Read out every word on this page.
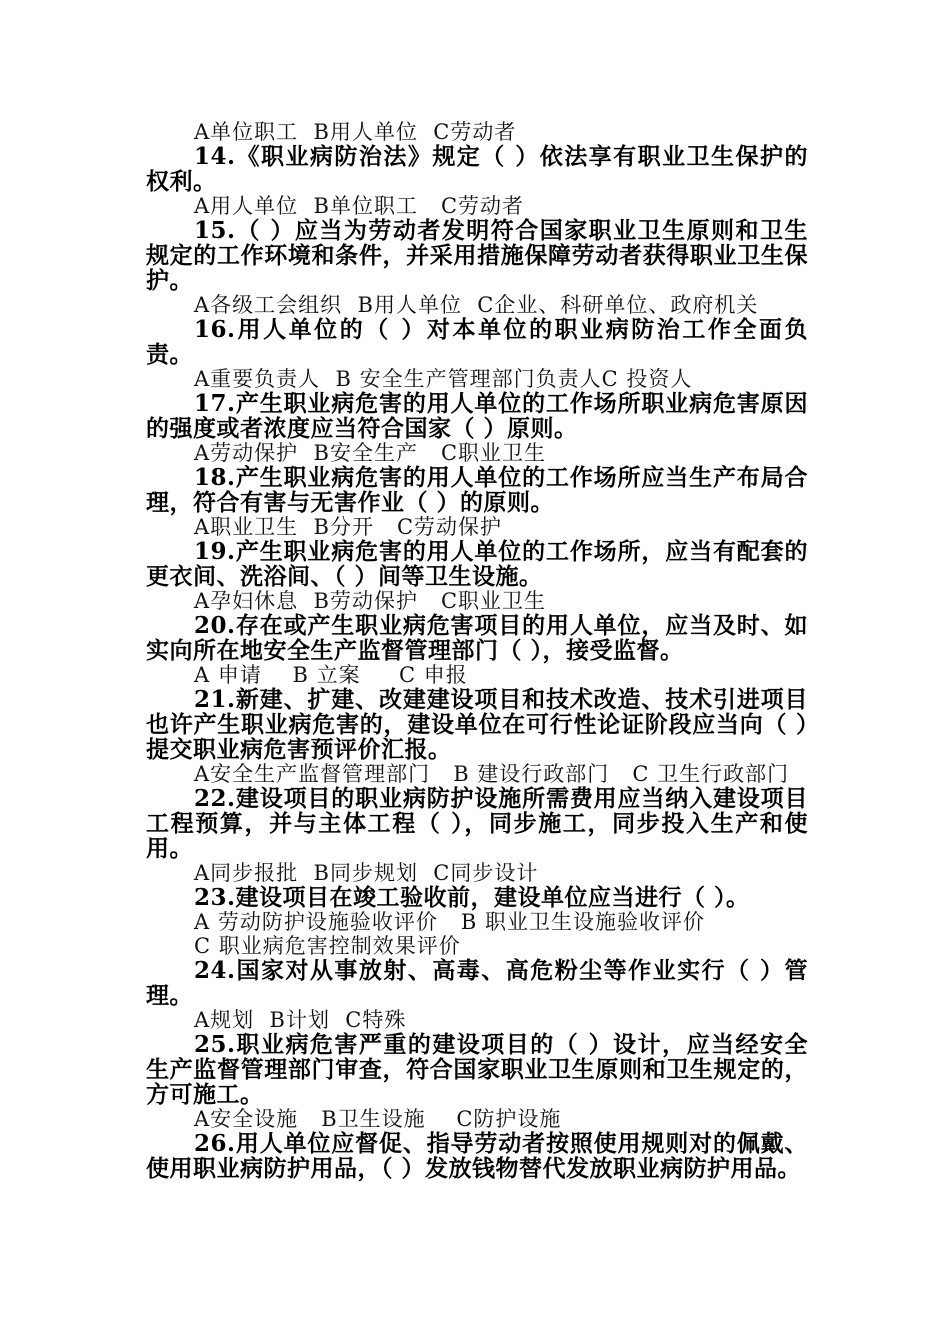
A单位职工  B用人单位  C劳动者

14.《职业病防治法》规定（ ）依法享有职业卫生保护的权利。

A用人单位  B单位职工   C劳动者

15.（ ）应当为劳动者发明符合国家职业卫生原则和卫生规定的工作环境和条件，并采用措施保障劳动者获得职业卫生保护。

A各级工会组织  B用人单位  C企业、科研单位、政府机关

16.用人单位的（ ）对本单位的职业病防治工作全面负责。

A重要负责人  B 安全生产管理部门负责人C 投资人

17.产生职业病危害的用人单位的工作场所职业病危害原因的强度或者浓度应当符合国家（ ）原则。

A劳动保护  B安全生产   C职业卫生

18.产生职业病危害的用人单位的工作场所应当生产布局合理，符合有害与无害作业（ ）的原则。

A职业卫生  B分开   C劳动保护

19.产生职业病危害的用人单位的工作场所，应当有配套的更衣间、洗浴间、（ ）间等卫生设施。

A孕妇休息  B劳动保护   C职业卫生

20.存在或产生职业病危害项目的用人单位，应当及时、如实向所在地安全生产监督管理部门（ ），接受监督。

A 申请    B 立案     C 申报

21.新建、扩建、改建建设项目和技术改造、技术引进项目也许产生职业病危害的，建设单位在可行性论证阶段应当向（ ）提交职业病危害预评价汇报。

A安全生产监督管理部门   B 建设行政部门   C 卫生行政部门

22.建设项目的职业病防护设施所需费用应当纳入建设项目工程预算，并与主体工程（ ），同步施工，同步投入生产和使用。

A同步报批  B同步规划  C同步设计

23.建设项目在竣工验收前，建设单位应当进行（ ）。

A 劳动防护设施验收评价   B 职业卫生设施验收评价

C 职业病危害控制效果评价

24.国家对从事放射、高毒、高危粉尘等作业实行（ ）管理。

A规划  B计划  C特殊

25.职业病危害严重的建设项目的（ ）设计，应当经安全生产监督管理部门审查，符合国家职业卫生原则和卫生规定的，方可施工。

A安全设施   B卫生设施    C防护设施

26.用人单位应督促、指导劳动者按照使用规则对的佩戴、使用职业病防护用品，（ ）发放钱物替代发放职业病防护用品。
